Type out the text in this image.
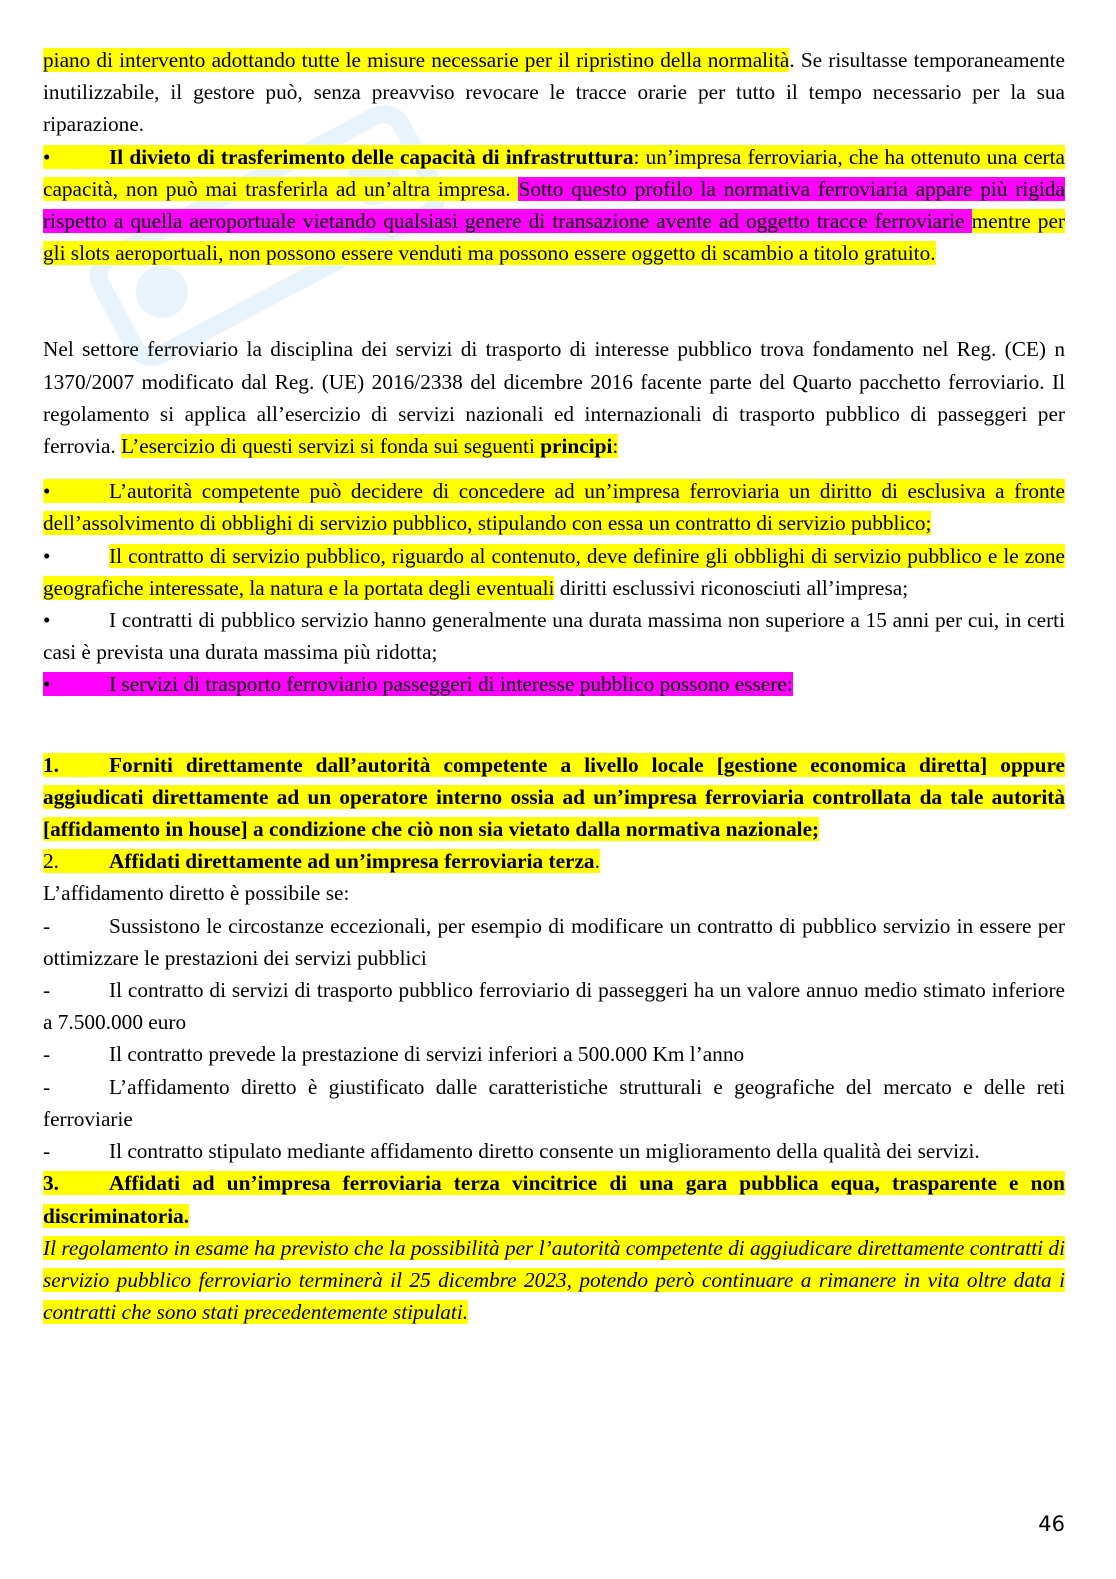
piano di intervento adottando tutte le misure necessarie per il ripristino della normalità. Se risultasse temporaneamente inutilizzabile, il gestore può, senza preavviso revocare le tracce orarie per tutto il tempo necessario per la sua riparazione.

•	Il divieto di trasferimento delle capacità di infrastruttura: un’impresa ferroviaria, che ha ottenuto una certa capacità, non può mai trasferirla ad un’altra impresa. Sotto questo profilo la normativa ferroviaria appare più rigida rispetto a quella aeroportuale vietando qualsiasi genere di transazione avente ad oggetto tracce ferroviarie mentre per gli slots aeroportuali, non possono essere venduti ma possono essere oggetto di scambio a titolo gratuito.

Nel settore ferroviario la disciplina dei servizi di trasporto di interesse pubblico trova fondamento nel Reg. (CE) n 1370/2007 modificato dal Reg. (UE) 2016/2338 del dicembre 2016 facente parte del Quarto pacchetto ferroviario. Il regolamento si applica all’esercizio di servizi nazionali ed internazionali di trasporto pubblico di passeggeri per ferrovia. L’esercizio di questi servizi si fonda sui seguenti principi:

•	L’autorità competente può decidere di concedere ad un’impresa ferroviaria un diritto di esclusiva a fronte dell’assolvimento di obblighi di servizio pubblico, stipulando con essa un contratto di servizio pubblico;

•	Il contratto di servizio pubblico, riguardo al contenuto, deve definire gli obblighi di servizio pubblico e le zone geografiche interessate, la natura e la portata degli eventuali diritti esclussivi riconosciuti all’impresa;

•	I contratti di pubblico servizio hanno generalmente una durata massima non superiore a 15 anni per cui, in certi casi è prevista una durata massima più ridotta;

•	I servizi di trasporto ferroviario passeggeri di interesse pubblico possono essere:

1. Forniti direttamente dall’autorità competente a livello locale [gestione economica diretta] oppure aggiudicati direttamente ad un operatore interno ossia ad un’impresa ferroviaria controllata da tale autorità [affidamento in house] a condizione che ciò non sia vietato dalla normativa nazionale;

2. Affidati direttamente ad un’impresa ferroviaria terza.

L’affidamento diretto è possibile se:

-	Sussistono le circostanze eccezionali, per esempio di modificare un contratto di pubblico servizio in essere per ottimizzare le prestazioni dei servizi pubblici

-	Il contratto di servizi di trasporto pubblico ferroviario di passeggeri ha un valore annuo medio stimato inferiore a 7.500.000 euro

-	Il contratto prevede la prestazione di servizi inferiori a 500.000 Km l’anno

-	L’affidamento diretto è giustificato dalle caratteristiche strutturali e geografiche del mercato e delle reti ferroviarie

-	Il contratto stipulato mediante affidamento diretto consente un miglioramento della qualità dei servizi.

3. Affidati ad un’impresa ferroviaria terza vincitrice di una gara pubblica equa, trasparente e non discriminatoria.

Il regolamento in esame ha previsto che la possibilità per l’autorità competente di aggiudicare direttamente contratti di servizio pubblico ferroviario terminerà il 25 dicembre 2023, potendo però continuare a rimanere in vita oltre data i contratti che sono stati precedentemente stipulati.

46
